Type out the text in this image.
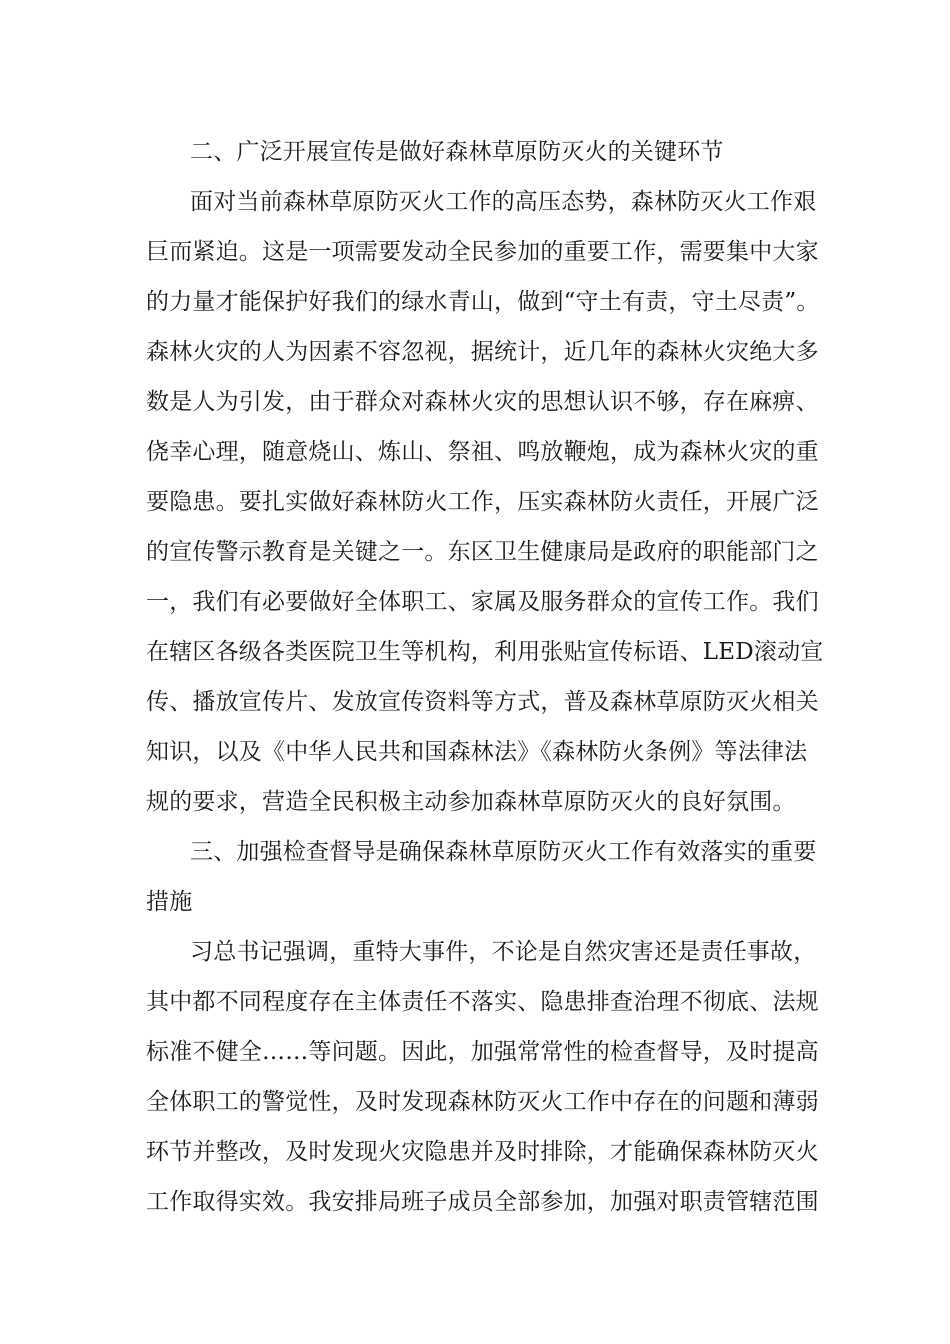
二、广泛开展宣传是做好森林草原防灭火的关键环节
面对当前森林草原防灭火工作的高压态势，森林防灭火工作艰
巨而紧迫。这是一项需要发动全民参加的重要工作，需要集中大家
的力量才能保护好我们的绿水青山，做到“守土有责，守土尽责”。
森林火灾的人为因素不容忽视，据统计，近几年的森林火灾绝大多
数是人为引发，由于群众对森林火灾的思想认识不够，存在麻痹、
侥幸心理，随意烧山、炼山、祭祖、鸣放鞭炮，成为森林火灾的重
要隐患。要扎实做好森林防火工作，压实森林防火责任，开展广泛
的宣传警示教育是关键之一。东区卫生健康局是政府的职能部门之
一，我们有必要做好全体职工、家属及服务群众的宣传工作。我们
在辖区各级各类医院卫生等机构，利用张贴宣传标语、LED滚动宣
传、播放宣传片、发放宣传资料等方式，普及森林草原防灭火相关
知识，以及《中华人民共和国森林法》《森林防火条例》等法律法
规的要求，营造全民积极主动参加森林草原防灭火的良好氛围。
三、加强检查督导是确保森林草原防灭火工作有效落实的重要
措施
习总书记强调，重特大事件，不论是自然灾害还是责任事故，
其中都不同程度存在主体责任不落实、隐患排查治理不彻底、法规
标准不健全……等问题。因此，加强常常性的检查督导，及时提高
全体职工的警觉性，及时发现森林防灭火工作中存在的问题和薄弱
环节并整改，及时发现火灾隐患并及时排除，才能确保森林防灭火
工作取得实效。我安排局班子成员全部参加，加强对职责管辖范围
